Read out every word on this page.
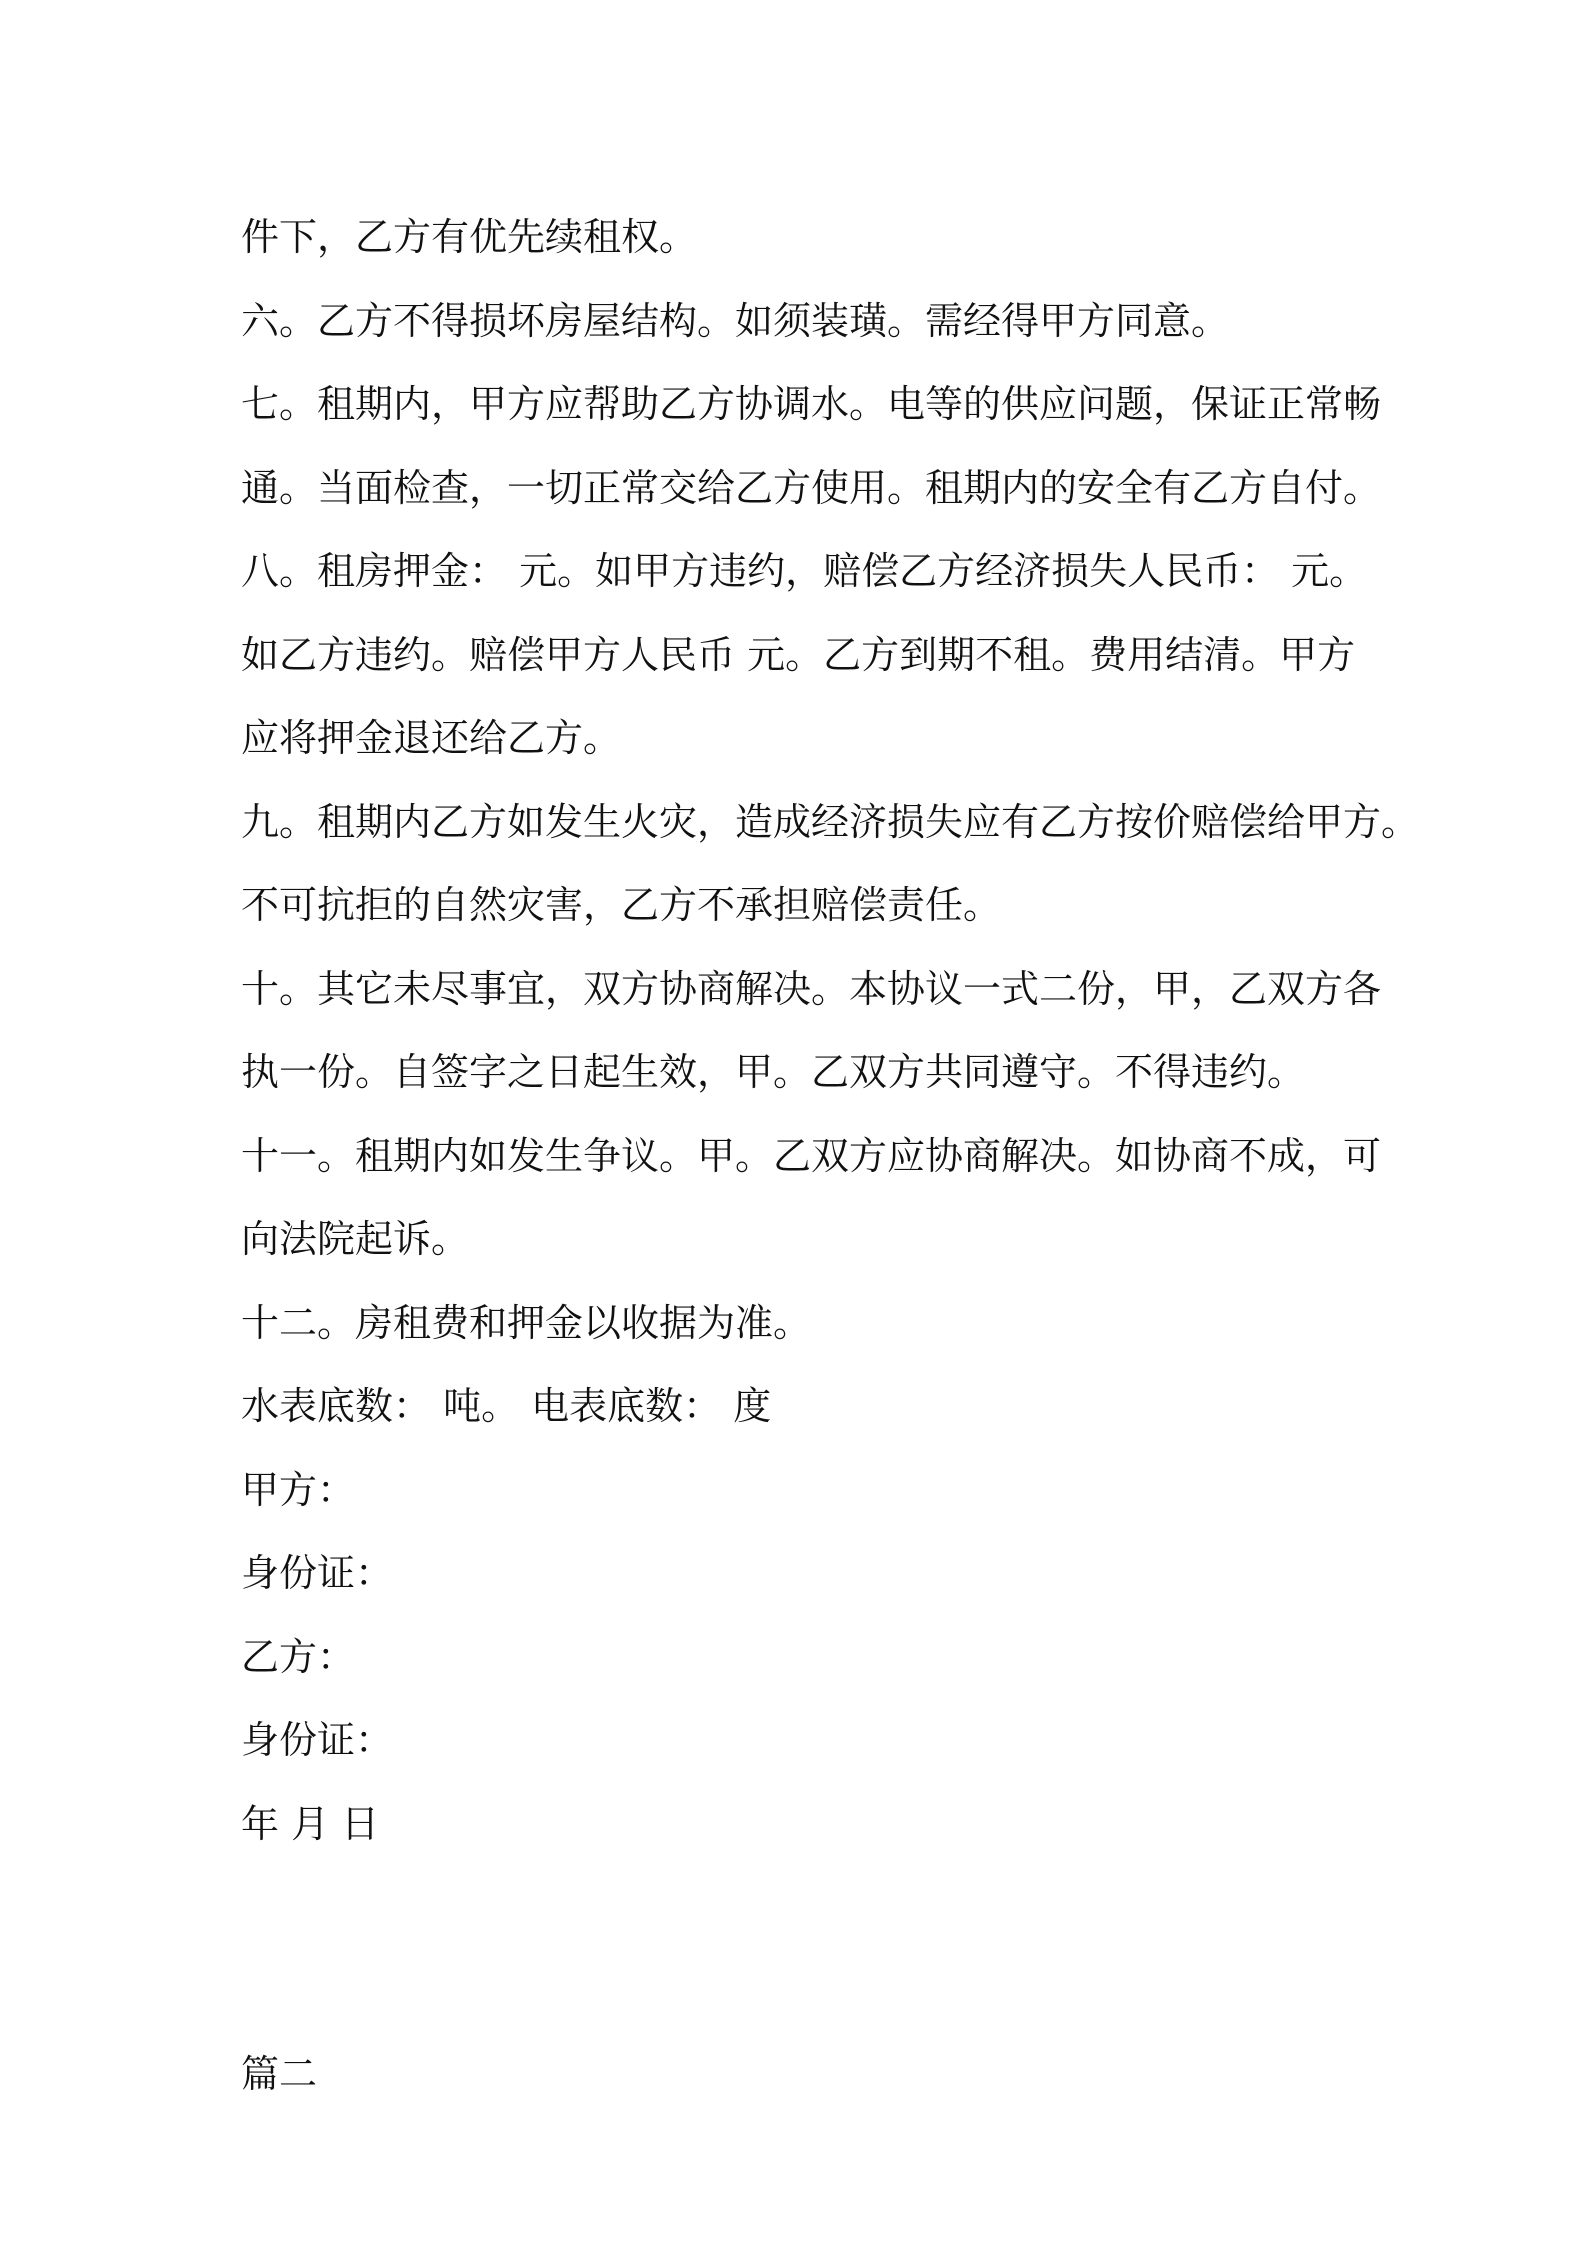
件下，乙方有优先续租权。
六。乙方不得损坏房屋结构。如须装璜。需经得甲方同意。
七。租期内，甲方应帮助乙方协调水。电等的供应问题，保证正常畅
通。当面检查，一切正常交给乙方使用。租期内的安全有乙方自付。
八。租房押金： 元。如甲方违约，赔偿乙方经济损失人民币： 元。
如乙方违约。赔偿甲方人民币 元。乙方到期不租。费用结清。甲方
应将押金退还给乙方。
九。租期内乙方如发生火灾，造成经济损失应有乙方按价赔偿给甲方。
不可抗拒的自然灾害，乙方不承担赔偿责任。
十。其它未尽事宜，双方协商解决。本协议一式二份，甲，乙双方各
执一份。自签字之日起生效，甲。乙双方共同遵守。不得违约。
十一。租期内如发生争议。甲。乙双方应协商解决。如协商不成，可
向法院起诉。
十二。房租费和押金以收据为准。
水表底数： 吨。 电表底数： 度
甲方：
身份证：
乙方：
身份证：
年 月 日
篇二
